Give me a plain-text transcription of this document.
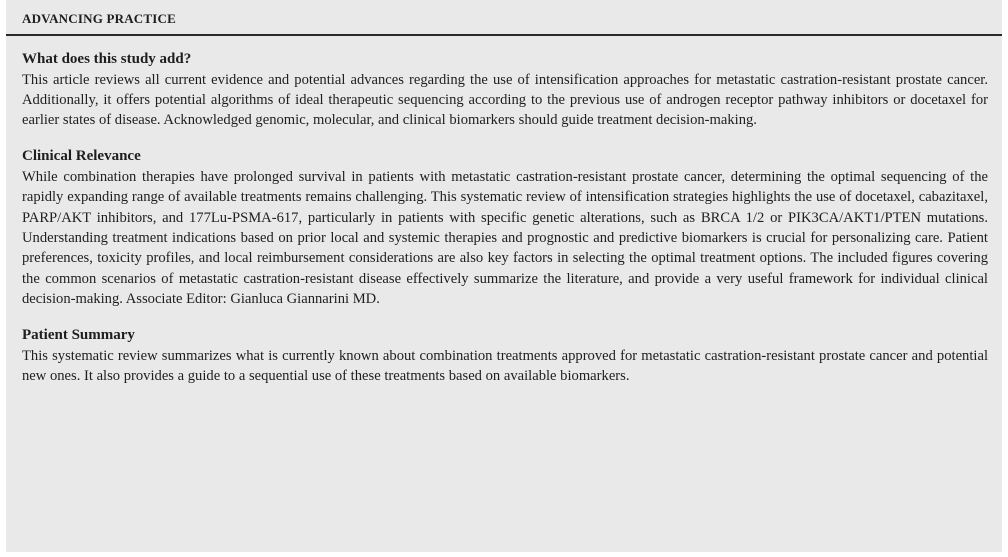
ADVANCING PRACTICE
What does this study add?

This article reviews all current evidence and potential advances regarding the use of intensification approaches for metastatic castration-resistant prostate cancer. Additionally, it offers potential algorithms of ideal therapeutic sequencing according to the previous use of androgen receptor pathway inhibitors or docetaxel for earlier states of disease. Acknowledged genomic, molecular, and clinical biomarkers should guide treatment decision-making.

Clinical Relevance

While combination therapies have prolonged survival in patients with metastatic castration-resistant prostate cancer, determining the optimal sequencing of the rapidly expanding range of available treatments remains challenging. This systematic review of intensification strategies highlights the use of docetaxel, cabazitaxel, PARP/AKT inhibitors, and 177Lu-PSMA-617, particularly in patients with specific genetic alterations, such as BRCA 1/2 or PIK3CA/AKT1/PTEN mutations. Understanding treatment indications based on prior local and systemic therapies and prognostic and predictive biomarkers is crucial for personalizing care. Patient preferences, toxicity profiles, and local reimbursement considerations are also key factors in selecting the optimal treatment options. The included figures covering the common scenarios of metastatic castration-resistant disease effectively summarize the literature, and provide a very useful framework for individual clinical decision-making. Associate Editor: Gianluca Giannarini MD.

Patient Summary

This systematic review summarizes what is currently known about combination treatments approved for metastatic castration-resistant prostate cancer and potential new ones. It also provides a guide to a sequential use of these treatments based on available biomarkers.
